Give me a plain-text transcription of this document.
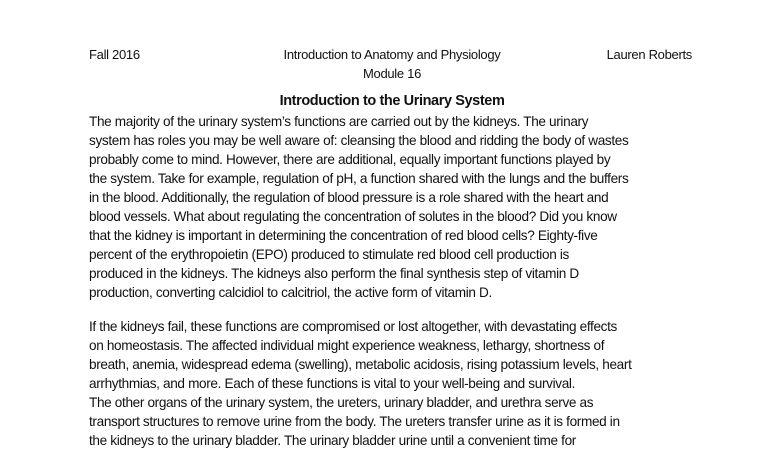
Fall 2016	Introduction to Anatomy and Physiology
Module 16
Lauren Roberts
Introduction to the Urinary System
The majority of the urinary system’s functions are carried out by the kidneys. The urinary
system has roles you may be well aware of: cleansing the blood and ridding the body of wastes
probably come to mind. However, there are additional, equally important functions played by
the system. Take for example, regulation of pH, a function shared with the lungs and the buffers
in the blood. Additionally, the regulation of blood pressure is a role shared with the heart and
blood vessels. What about regulating the concentration of solutes in the blood? Did you know
that the kidney is important in determining the concentration of red blood cells? Eighty-five
percent of the erythropoietin (EPO) produced to stimulate red blood cell production is
produced in the kidneys. The kidneys also perform the final synthesis step of vitamin D
production, converting calcidiol to calcitriol, the active form of vitamin D.
If the kidneys fail, these functions are compromised or lost altogether, with devastating effects
on homeostasis. The affected individual might experience weakness, lethargy, shortness of
breath, anemia, widespread edema (swelling), metabolic acidosis, rising potassium levels, heart
arrhythmias, and more. Each of these functions is vital to your well-being and survival.
The other organs of the urinary system, the ureters, urinary bladder, and urethra serve as
transport structures to remove urine from the body. The ureters transfer urine as it is formed in
the kidneys to the urinary bladder. The urinary bladder urine until a convenient time for
